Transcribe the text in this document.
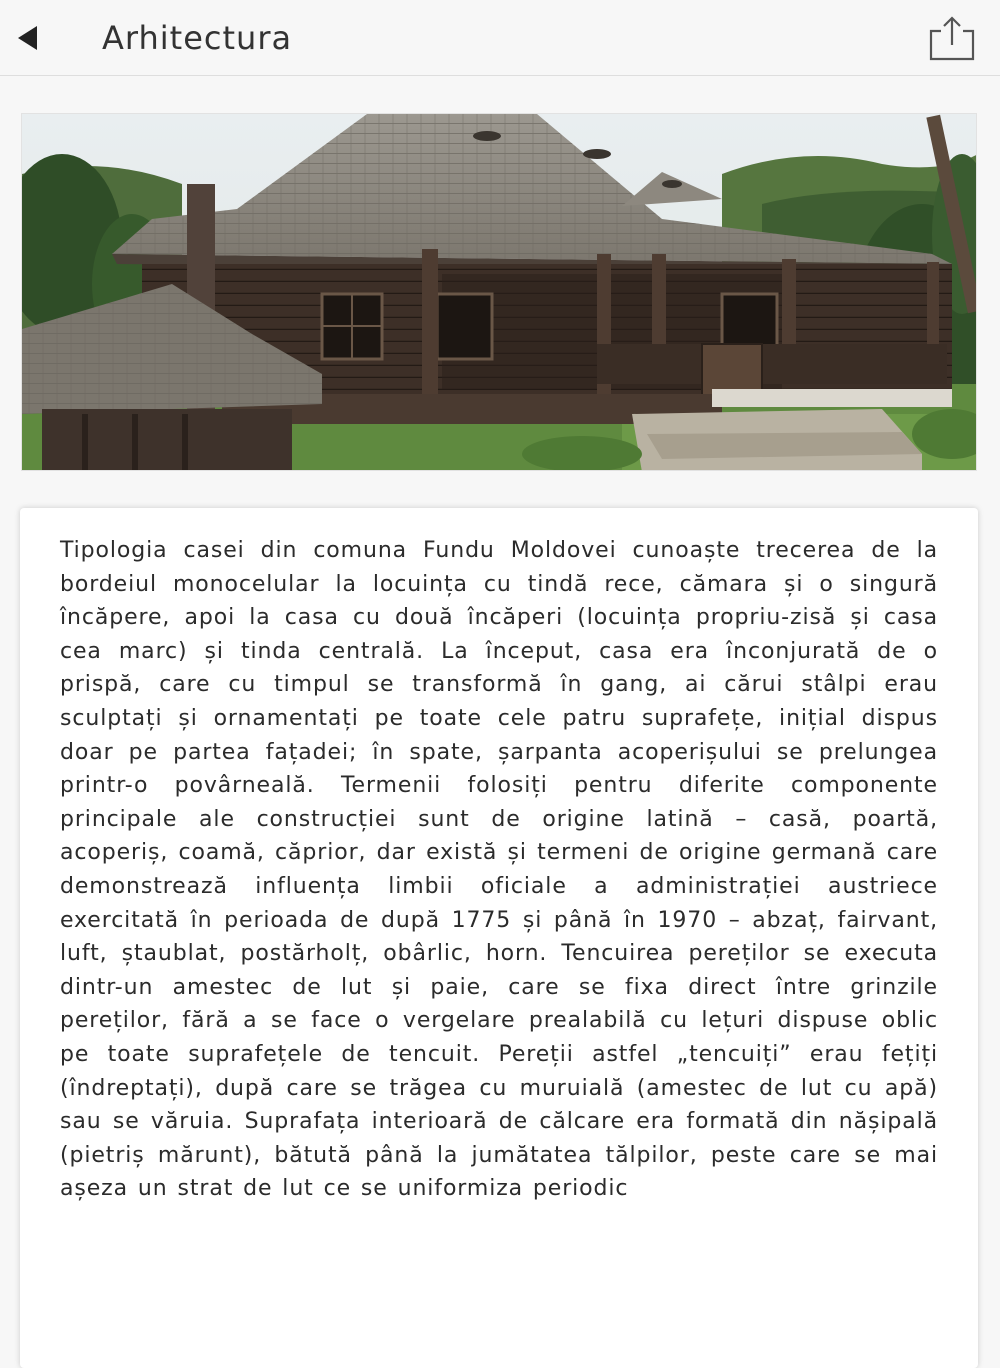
Arhitectura

Tipologia casei din comuna Fundu Moldovei cunoaște trecerea de la bordeiul monocelular la locuința cu tindă rece, cămara și o singură încăpere, apoi la casa cu două încăperi (locuința propriu-zisă și casa cea marc) și tinda centrală. La început, casa era înconjurată de o prispă, care cu timpul se transformă în gang, ai cărui stâlpi erau sculptați și ornamentați pe toate cele patru suprafețe, inițial dispus doar pe partea fațadei; în spate, șarpanta acoperișului se prelungea printr-o povârneală. Termenii folosiți pentru diferite componente principale ale construcției sunt de origine latină – casă, poartă, acoperiș, coamă, căprior, dar există și termeni de origine germană care demonstrează influența limbii oficiale a administrației austriece exercitată în perioada de după 1775 și până în 1970 – abzaț, fairvant, luft, ștaublat, postărholț, obârlic, horn. Tencuirea pereților se executa dintr-un amestec de lut și paie, care se fixa direct între grinzile pereților, fără a se face o vergelare prealabilă cu lețuri dispuse oblic pe toate suprafețele de tencuit. Pereții astfel „tencuiți” erau fețiți (îndreptați), după care se trăgea cu muruială (amestec de lut cu apă) sau se văruia. Suprafața interioară de călcare era formată din nășipală (pietriș mărunt), bătută până la jumătatea tălpilor, peste care se mai așeza un strat de lut ce se uniformiza periodic
